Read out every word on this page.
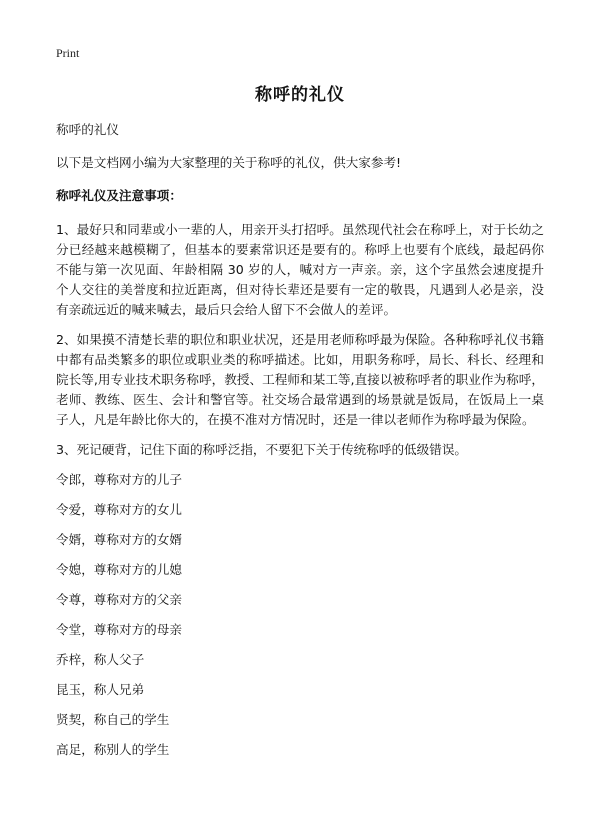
Print
称呼的礼仪

称呼的礼仪

以下是文档网小编为大家整理的关于称呼的礼仪，供大家参考!

称呼礼仪及注意事项：

1、最好只和同辈或小一辈的人，用亲开头打招呼。虽然现代社会在称呼上，对于长幼之分已经越来越模糊了，但基本的要素常识还是要有的。称呼上也要有个底线，最起码你不能与第一次见面、年龄相隔 30 岁的人，喊对方一声亲。亲，这个字虽然会速度提升个人交往的美誉度和拉近距离，但对待长辈还是要有一定的敬畏，凡遇到人必是亲，没有亲疏远近的喊来喊去，最后只会给人留下不会做人的差评。

2、如果摸不清楚长辈的职位和职业状况，还是用老师称呼最为保险。各种称呼礼仪书籍中都有品类繁多的职位或职业类的称呼描述。比如，用职务称呼，局长、科长、经理和院长等,用专业技术职务称呼，教授、工程师和某工等,直接以被称呼者的职业作为称呼，老师、教练、医生、会计和警官等。社交场合最常遇到的场景就是饭局，在饭局上一桌子人，凡是年龄比你大的，在摸不准对方情况时，还是一律以老师作为称呼最为保险。

3、死记硬背，记住下面的称呼泛指，不要犯下关于传统称呼的低级错误。

令郎，尊称对方的儿子

令爱，尊称对方的女儿

令婿，尊称对方的女婿

令媳，尊称对方的儿媳

令尊，尊称对方的父亲

令堂，尊称对方的母亲

乔梓，称人父子

昆玉，称人兄弟

贤契，称自己的学生

高足，称别人的学生
